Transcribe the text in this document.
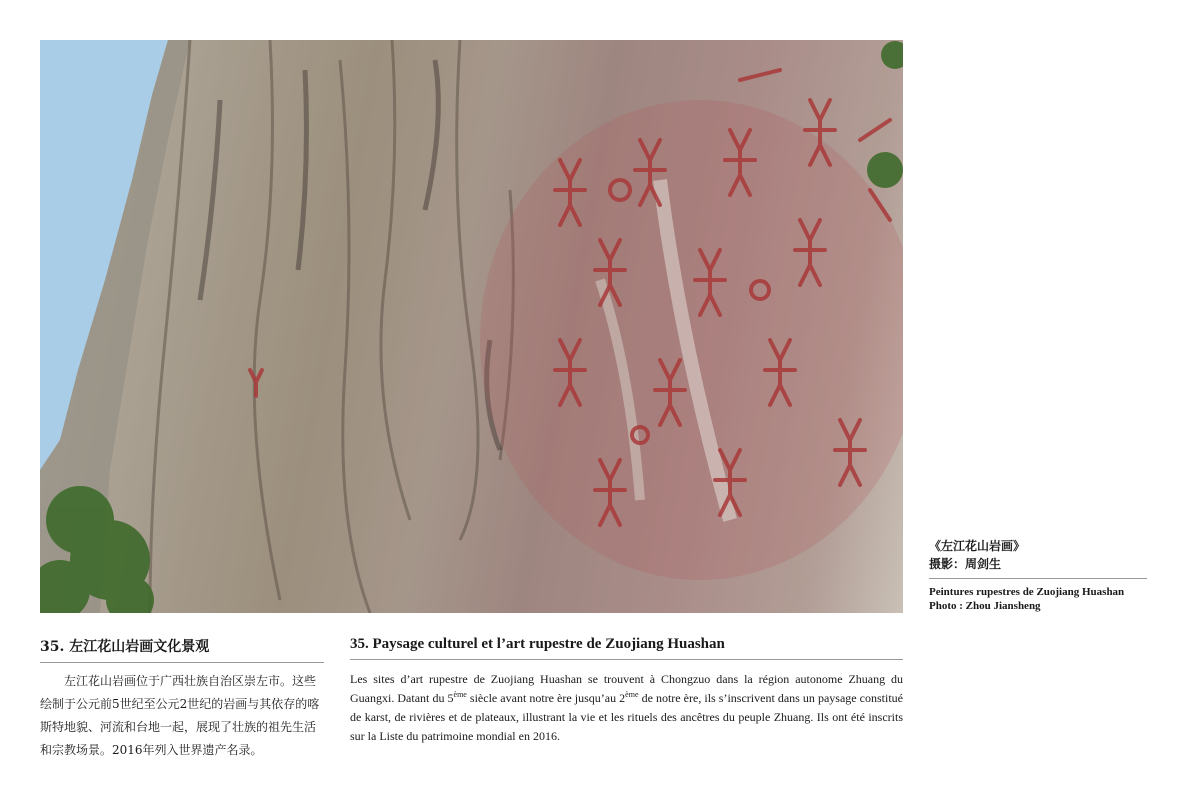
《左江花山岩画》
摄影：周剑生
Peintures rupestres de Zuojiang Huashan
Photo : Zhou Jiansheng
35. 左江花山岩画文化景观	35. Paysage culturel et l’art rupestre de Zuojiang Huashan

左江花山岩画位于广西壮族自治区崇左市。这些绘制于公元前5世纪至公元2世纪的岩画与其依存的喀斯特地貌、河流和台地一起，展现了壮族的祖先生活和宗教场景。2016年列入世界遗产名录。

Les sites d’art rupestre de Zuojiang Huashan se trouvent à Chongzuo dans la région autonome Zhuang du Guangxi. Datant du 5ème siècle avant notre ère jusqu’au 2ème de notre ère, ils s’inscrivent dans un paysage constitué de karst, de rivières et de plateaux, illustrant la vie et les rituels des ancêtres du peuple Zhuang. Ils ont été inscrits sur la Liste du patrimoine mondial en 2016.
